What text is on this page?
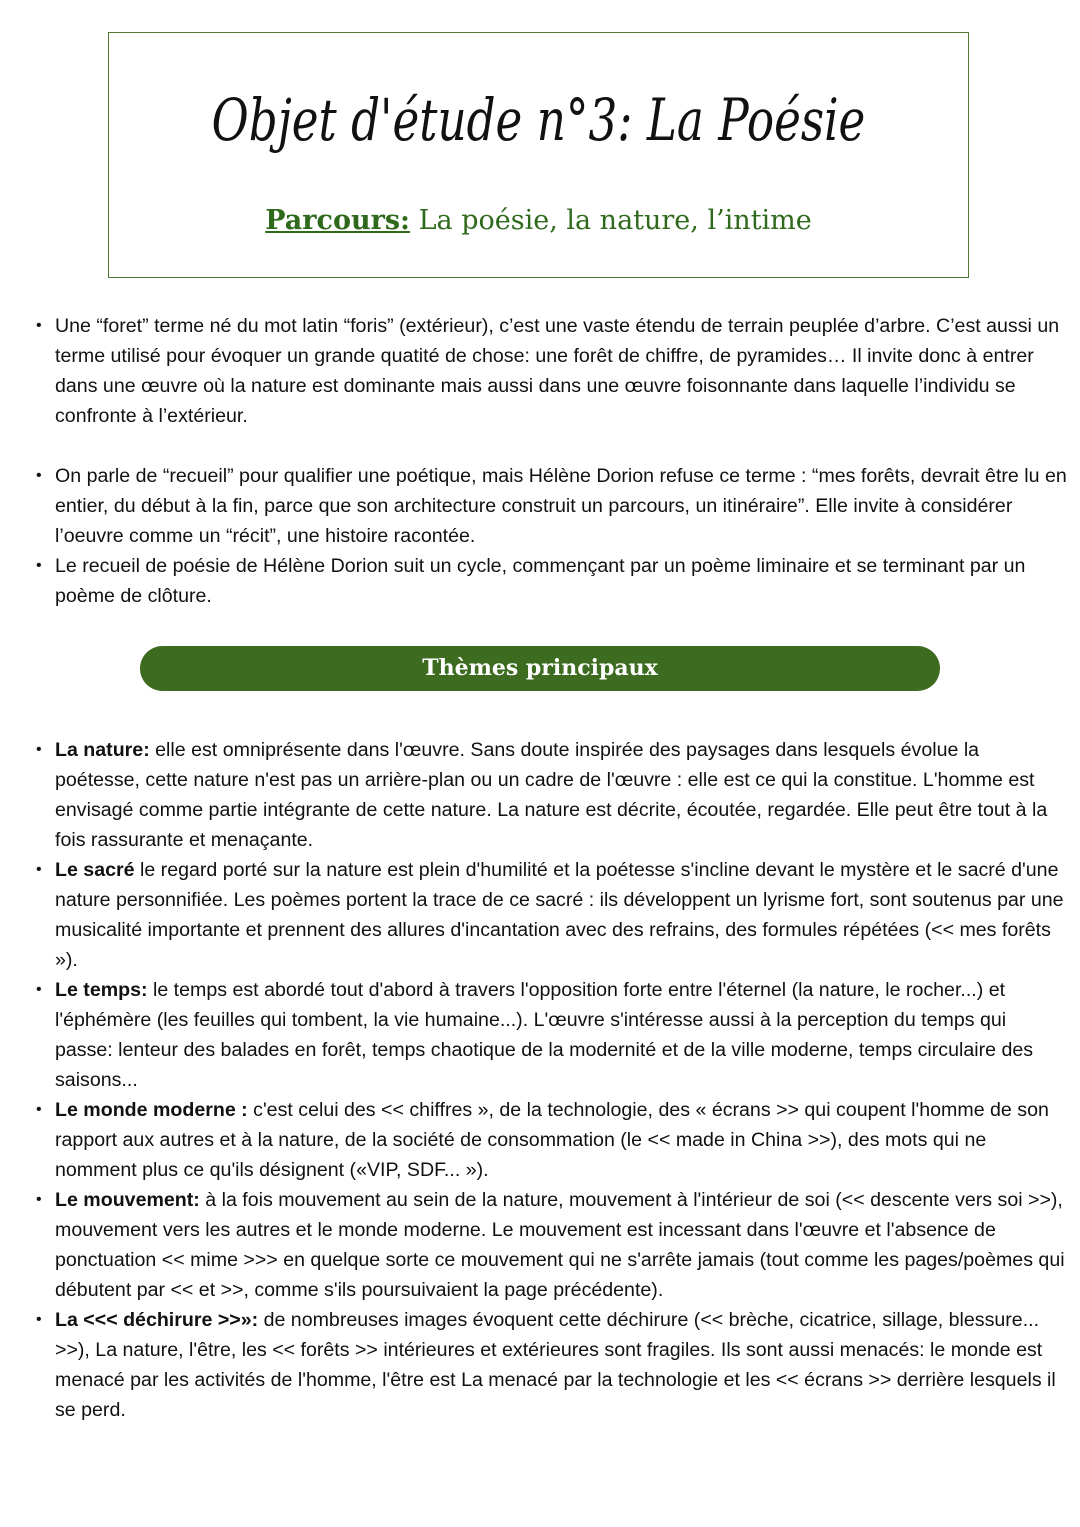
Objet d'étude n°3: La Poésie
Parcours: La poésie, la nature, l’intime
• Une “foret” terme né du mot latin “foris” (extérieur), c’est une vaste étendu de terrain peuplée d’arbre. C’est aussi un terme utilisé pour évoquer un grande quatité de chose: une forêt de chiffre, de pyramides… Il invite donc à entrer dans une œuvre où la nature est dominante mais aussi dans une œuvre foisonnante dans laquelle l’individu se confronte à l’extérieur.
• On parle de “recueil” pour qualifier une poétique, mais Hélène Dorion refuse ce terme : “mes forêts, devrait être lu en entier, du début à la fin, parce que son architecture construit un parcours, un itinéraire”. Elle invite à considérer l’oeuvre comme un “récit”, une histoire racontée.
• Le recueil de poésie de Hélène Dorion suit un cycle, commençant par un poème liminaire et se terminant par un poème de clôture.
Thèmes principaux
• La nature: elle est omniprésente dans l'œuvre. Sans doute inspirée des paysages dans lesquels évolue la poétesse, cette nature n'est pas un arrière-plan ou un cadre de l'œuvre : elle est ce qui la constitue. L'homme est envisagé comme partie intégrante de cette nature. La nature est décrite, écoutée, regardée. Elle peut être tout à la fois rassurante et menaçante.
• Le sacré le regard porté sur la nature est plein d'humilité et la poétesse s'incline devant le mystère et le sacré d'une nature personnifiée. Les poèmes portent la trace de ce sacré : ils développent un lyrisme fort, sont soutenus par une musicalité importante et prennent des allures d'incantation avec des refrains, des formules répétées (<< mes forêts »).
• Le temps: le temps est abordé tout d'abord à travers l'opposition forte entre l'éternel (la nature, le rocher...) et l'éphémère (les feuilles qui tombent, la vie humaine...). L'œuvre s'intéresse aussi à la perception du temps qui passe: lenteur des balades en forêt, temps chaotique de la modernité et de la ville moderne, temps circulaire des saisons...
• Le monde moderne : c'est celui des << chiffres », de la technologie, des « écrans >> qui coupent l'homme de son rapport aux autres et à la nature, de la société de consommation (le << made in China >>), des mots qui ne nomment plus ce qu'ils désignent («VIP, SDF... »).
• Le mouvement: à la fois mouvement au sein de la nature, mouvement à l'intérieur de soi (<< descente vers soi >>), mouvement vers les autres et le monde moderne. Le mouvement est incessant dans l'œuvre et l'absence de ponctuation << mime >>> en quelque sorte ce mouvement qui ne s'arrête jamais (tout comme les pages/poèmes qui débutent par << et >>, comme s'ils poursuivaient la page précédente).
• La <<< déchirure >>»: de nombreuses images évoquent cette déchirure (<< brèche, cicatrice, sillage, blessure... >>), La nature, l'être, les << forêts >> intérieures et extérieures sont fragiles. Ils sont aussi menacés: le monde est menacé par les activités de l'homme, l'être est La menacé par la technologie et les << écrans >> derrière lesquels il se perd.
